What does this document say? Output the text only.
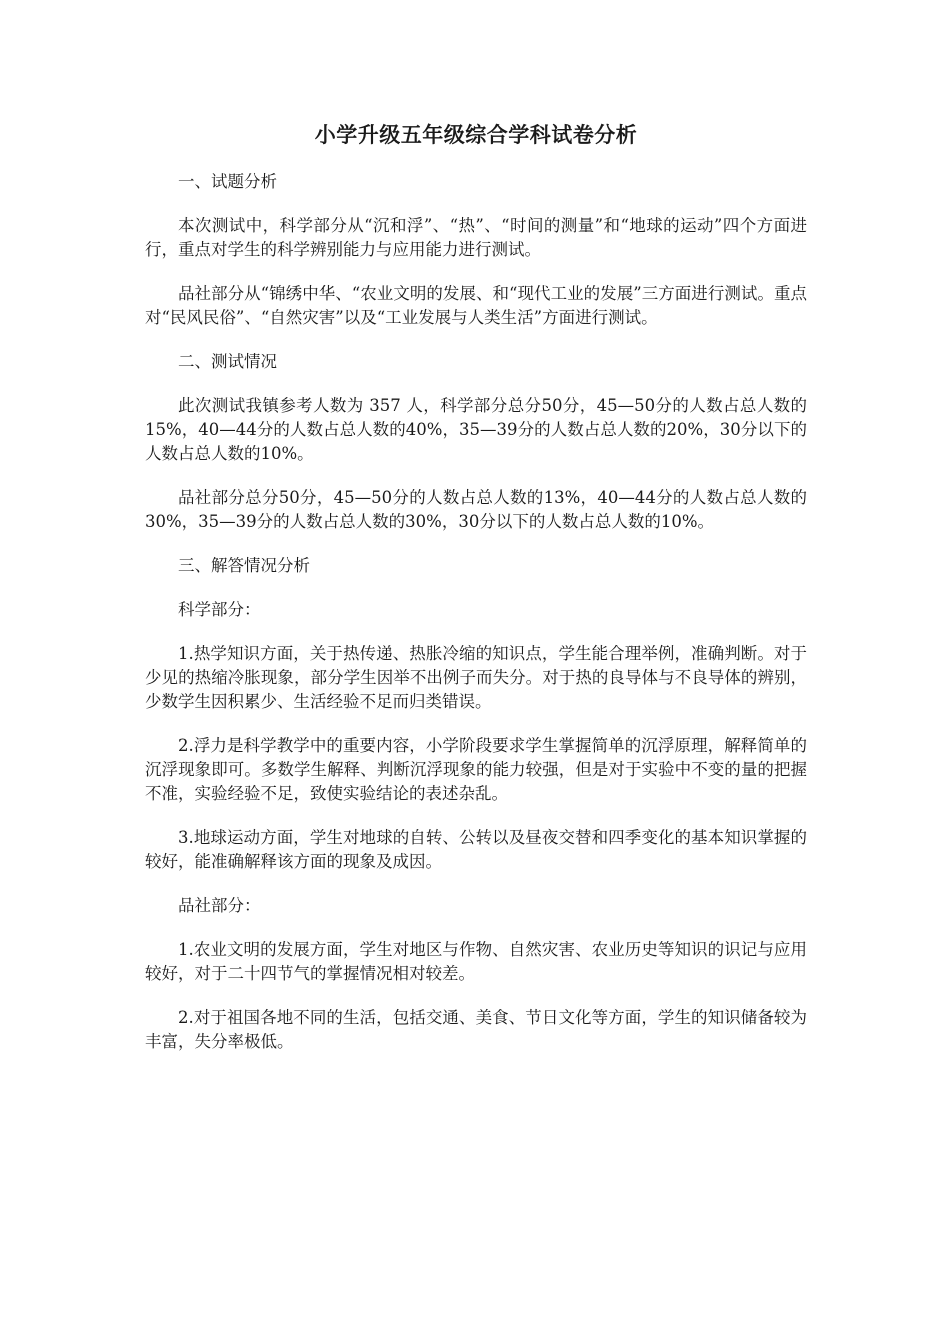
小学升级五年级综合学科试卷分析

一、试题分析

本次测试中，科学部分从“沉和浮”、“热”、“时间的测量”和“地球的运动”四个方面进行，重点对学生的科学辨别能力与应用能力进行测试。

品社部分从“锦绣中华、“农业文明的发展、和“现代工业的发展”三方面进行测试。重点对“民风民俗”、“自然灾害”以及“工业发展与人类生活”方面进行测试。

二、测试情况

此次测试我镇参考人数为 357 人，科学部分总分50分，45—50分的人数占总人数的15%，40—44分的人数占总人数的40%，35—39分的人数占总人数的20%，30分以下的人数占总人数的10%。

品社部分总分50分，45—50分的人数占总人数的13%，40—44分的人数占总人数的30%，35—39分的人数占总人数的30%，30分以下的人数占总人数的10%。

三、解答情况分析

科学部分：

1.热学知识方面，关于热传递、热胀冷缩的知识点，学生能合理举例，准确判断。对于少见的热缩冷胀现象，部分学生因举不出例子而失分。对于热的良导体与不良导体的辨别，少数学生因积累少、生活经验不足而归类错误。

2.浮力是科学教学中的重要内容，小学阶段要求学生掌握简单的沉浮原理，解释简单的沉浮现象即可。多数学生解释、判断沉浮现象的能力较强，但是对于实验中不变的量的把握不准，实验经验不足，致使实验结论的表述杂乱。

3.地球运动方面，学生对地球的自转、公转以及昼夜交替和四季变化的基本知识掌握的较好，能准确解释该方面的现象及成因。

品社部分：

1.农业文明的发展方面，学生对地区与作物、自然灾害、农业历史等知识的识记与应用较好，对于二十四节气的掌握情况相对较差。

2.对于祖国各地不同的生活，包括交通、美食、节日文化等方面，学生的知识储备较为丰富，失分率极低。
